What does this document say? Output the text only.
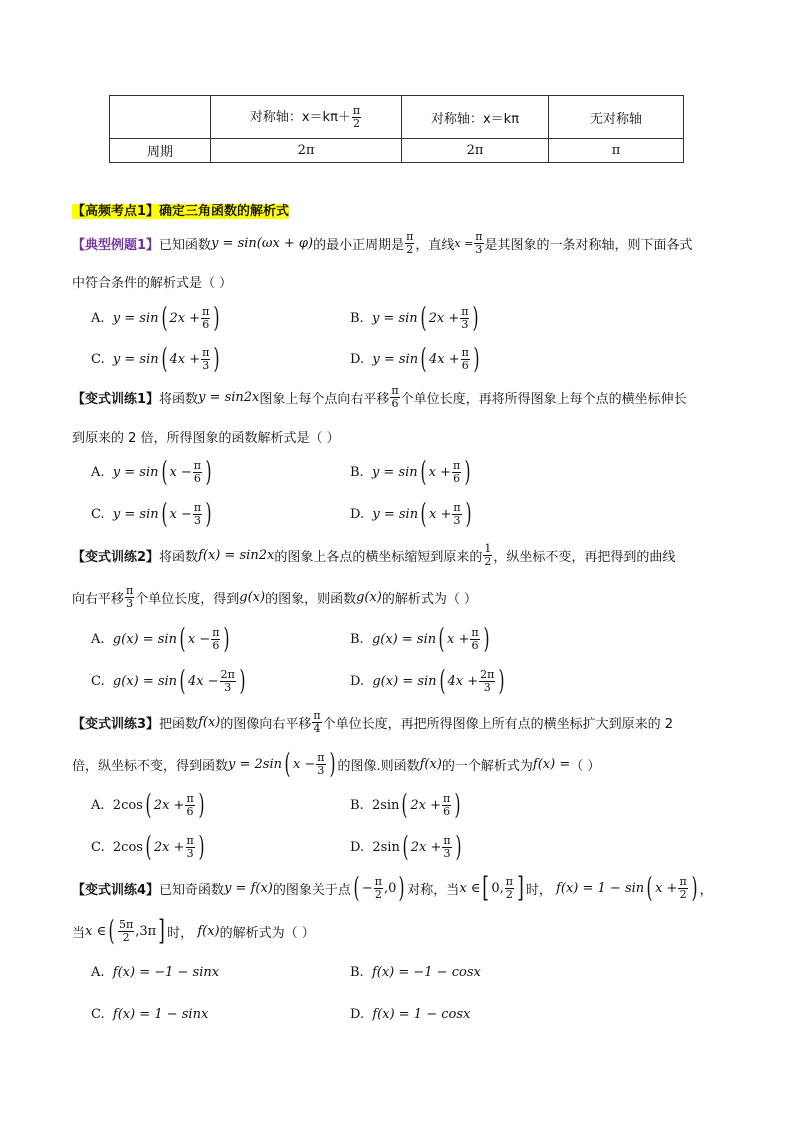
	对称轴：$x=k\pi+ \frac{\pi}{2}$	对称轴：x＝kπ	无对称轴
周期	2π	2π	π
【高频考点1】确定三角函数的解析式
【典型例题1】 已知函数 y = sin(ωx + φ) 的最小正周期是 $\frac{\pi}{2}$ ，直线 $x = \frac{\pi}{3}$ 是其图象的一条对称轴，则下面各式
中符合条件的解析式是（ ）
A.
y = sin ( $2x + \frac{\pi}{6}$ )	B.
y = sin ( $2x + \frac{\pi}{3}$ )
C.
y = sin ( $4x + \frac{\pi}{3}$ )	D.
y = sin ( $4x + \frac{\pi}{6}$ )
【变式训练1】 将函数 y = sin2x 图象上每个点向右平移 $\frac{\pi}{6}$ 个单位长度，再将所得图象上每个点的横坐标伸长
到原来的 2 倍，所得图象的函数解析式是（ ）
A.
y = sin ( $x - \frac{\pi}{6}$ )	B.
y = sin ( $x + \frac{\pi}{6}$ )
C.
y = sin ( $x - \frac{\pi}{3}$ )	D.
y = sin ( $x + \frac{\pi}{3}$ )
【变式训练2】 将函数 f(x) = sin2x 的图象上各点的横坐标缩短到原来的 $\frac{1}{2}$ ，纵坐标不变，再把得到的曲线
向右平移 $\frac{\pi}{3}$ 个单位长度，得到 g(x) 的图象，则函数 g(x) 的解析式为（ ）
A.
g(x) = sin ( $x - \frac{\pi}{6}$ )	B.
g(x) = sin ( $x + \frac{\pi}{6}$ )
C.
g(x) = sin ( $4x - \frac{2\pi}{3}$ )	D.
g(x) = sin ( $4x + \frac{2\pi}{3}$ )
【变式训练3】 把函数 f(x) 的图像向右平移 $\frac{\pi}{4}$ 个单位长度，再把所得图像上所有点的横坐标扩大到原来的 2
倍，纵坐标不变，得到函数 y = 2sin ( $x - \frac{\pi}{3}$ ) 的图像.则函数 f(x) 的一个解析式为 f(x) = （ ）
A.
2cos ( $2x + \frac{\pi}{6}$ )	B.
2sin ( $2x + \frac{\pi}{6}$ )
C.
2cos ( $2x + \frac{\pi}{3}$ )	D.
2sin ( $2x + \frac{\pi}{3}$ )
【变式训练4】 已知奇函数 y = f(x) 的图象关于点 ( − $\frac{\pi}{2} ,0$ ) 对称，当 x ∈ [ 0, $\frac{\pi}{2}$ ] 时，
f(x) = 1 − sin ( $x + \frac{\pi}{2}$ ) ，
当 x ∈ ( $\frac{5\pi}{2} ,3\pi$ ] 时，
f(x) 的解析式为（ ）
A.
f(x) = −1 − sinx	B.
f(x) = −1 − cosx
C.
f(x) = 1 − sinx	D.
f(x) = 1 − cosx
